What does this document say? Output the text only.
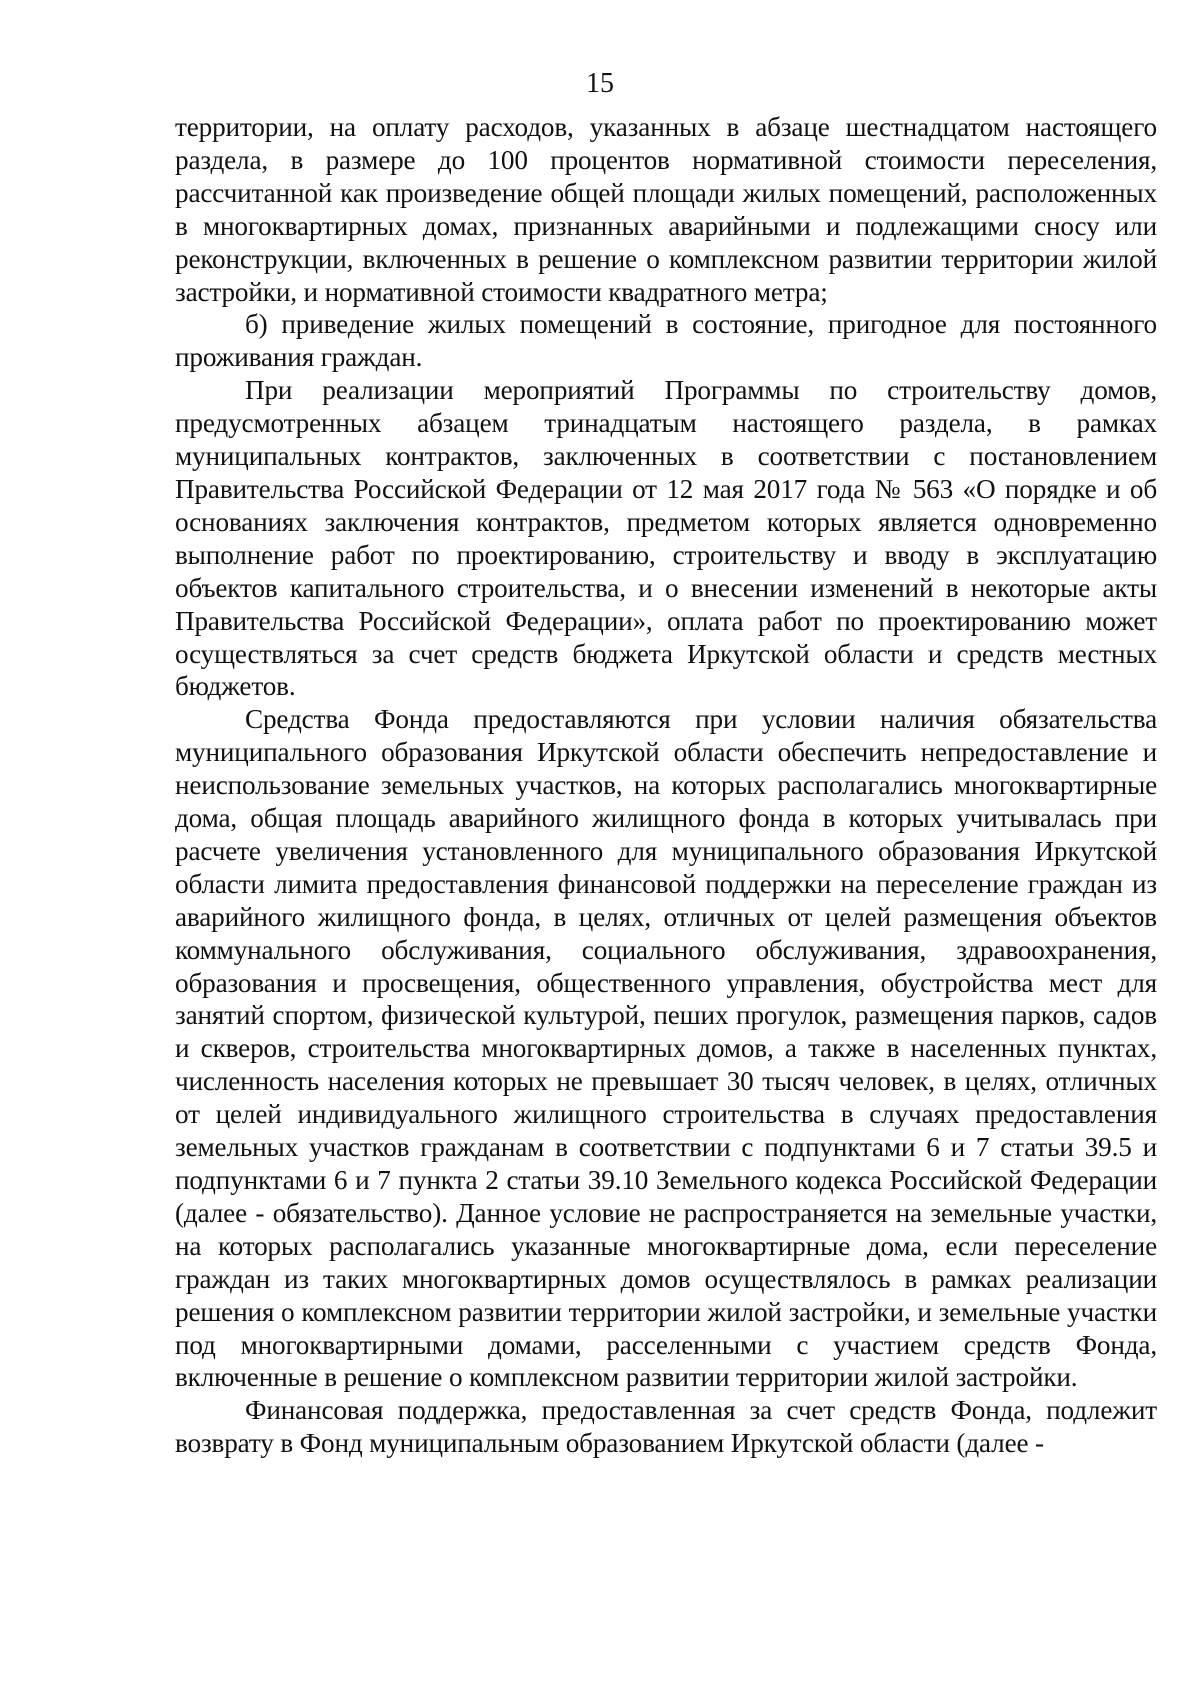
15

территории, на оплату расходов, указанных в абзаце шестнадцатом настоящего раздела, в размере до 100 процентов нормативной стоимости переселения, рассчитанной как произведение общей площади жилых помещений, расположенных в многоквартирных домах, признанных аварийными и подлежащими сносу или реконструкции, включенных в решение о комплексном развитии территории жилой застройки, и нормативной стоимости квадратного метра;

б) приведение жилых помещений в состояние, пригодное для постоянного проживания граждан.

При реализации мероприятий Программы по строительству домов, предусмотренных абзацем тринадцатым настоящего раздела, в рамках муниципальных контрактов, заключенных в соответствии с постановлением Правительства Российской Федерации от 12 мая 2017 года № 563 «О порядке и об основаниях заключения контрактов, предметом которых является одновременно выполнение работ по проектированию, строительству и вводу в эксплуатацию объектов капитального строительства, и о внесении изменений в некоторые акты Правительства Российской Федерации», оплата работ по проектированию может осуществляться за счет средств бюджета Иркутской области и средств местных бюджетов.

Средства Фонда предоставляются при условии наличия обязательства муниципального образования Иркутской области обеспечить непредоставление и неиспользование земельных участков, на которых располагались многоквартирные дома, общая площадь аварийного жилищного фонда в которых учитывалась при расчете увеличения установленного для муниципального образования Иркутской области лимита предоставления финансовой поддержки на переселение граждан из аварийного жилищного фонда, в целях, отличных от целей размещения объектов коммунального обслуживания, социального обслуживания, здравоохранения, образования и просвещения, общественного управления, обустройства мест для занятий спортом, физической культурой, пеших прогулок, размещения парков, садов и скверов, строительства многоквартирных домов, а также в населенных пунктах, численность населения которых не превышает 30 тысяч человек, в целях, отличных от целей индивидуального жилищного строительства в случаях предоставления земельных участков гражданам в соответствии с подпунктами 6 и 7 статьи 39.5 и подпунктами 6 и 7 пункта 2 статьи 39.10 Земельного кодекса Российской Федерации (далее - обязательство). Данное условие не распространяется на земельные участки, на которых располагались указанные многоквартирные дома, если переселение граждан из таких многоквартирных домов осуществлялось в рамках реализации решения о комплексном развитии территории жилой застройки, и земельные участки под многоквартирными домами, расселенными с участием средств Фонда, включенные в решение о комплексном развитии территории жилой застройки.

Финансовая поддержка, предоставленная за счет средств Фонда, подлежит возврату в Фонд муниципальным образованием Иркутской области (далее -
